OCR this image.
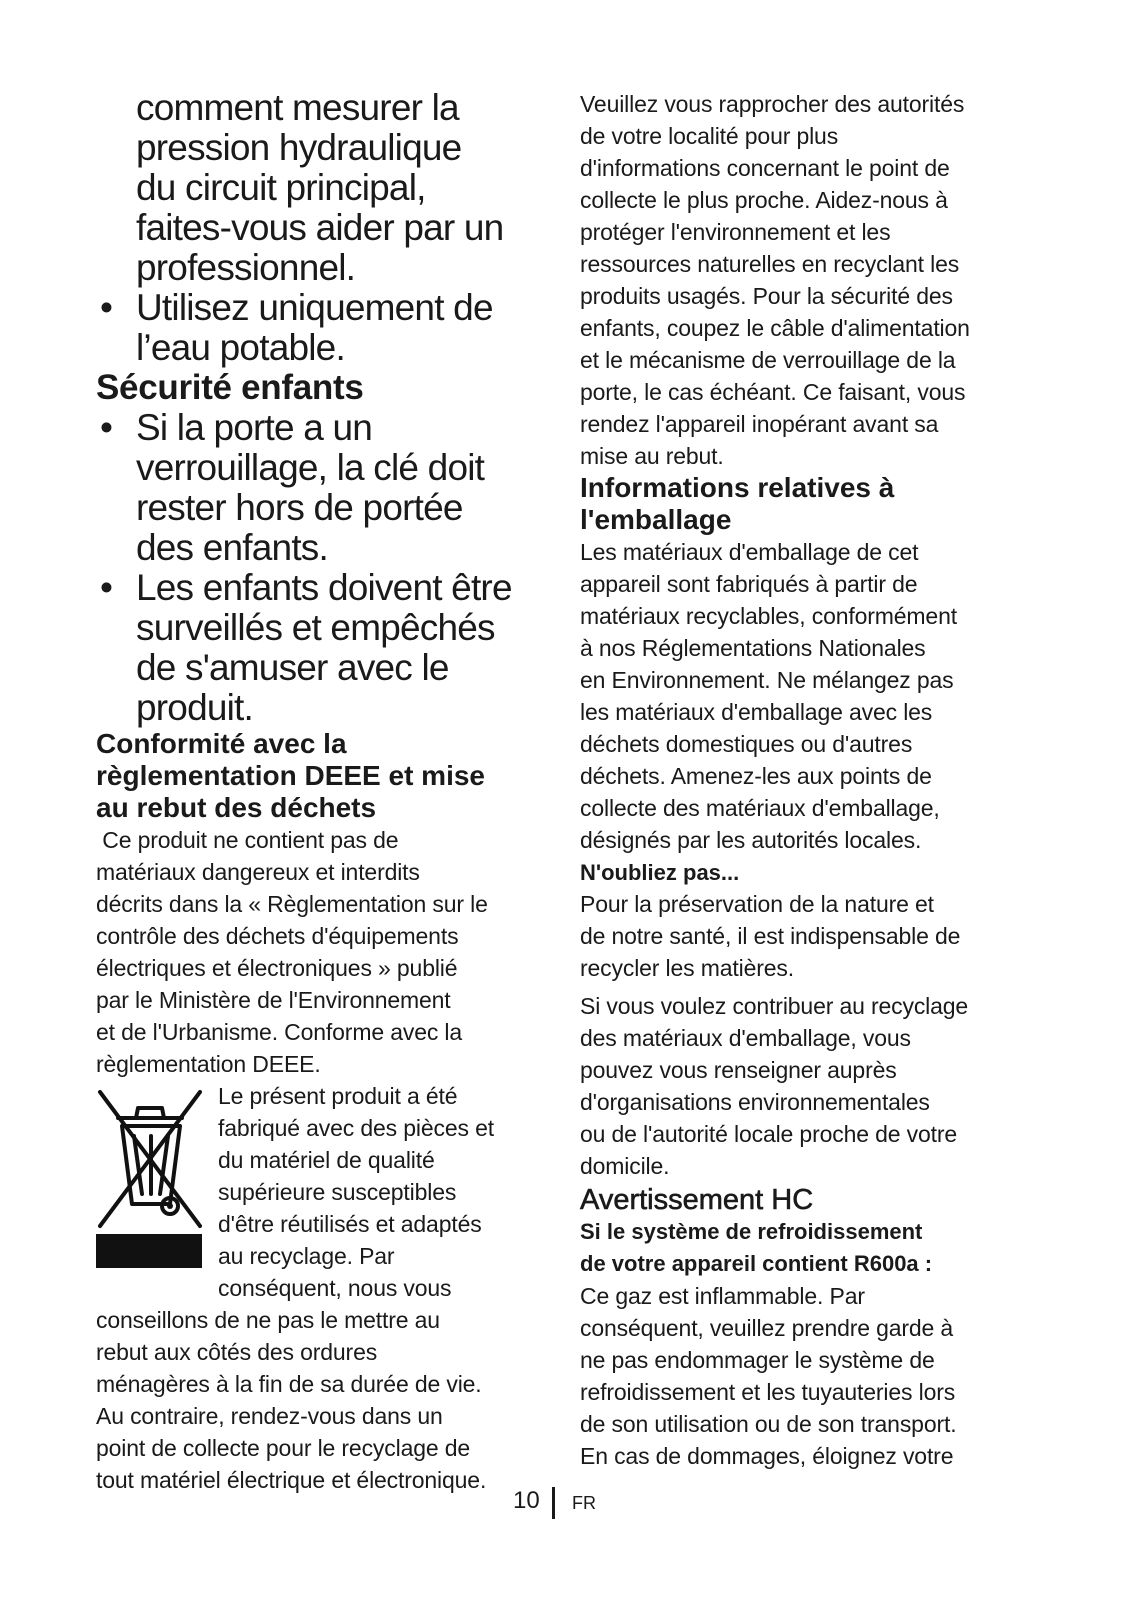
comment mesurer la
pression hydraulique
du circuit principal,
faites-vous aider par un
professionnel.
• Utilisez uniquement de
l’eau potable.
Sécurité enfants
• Si la porte a un
verrouillage, la clé doit
rester hors de portée
des enfants.
• Les enfants doivent être
surveillés et empêchés
de s'amuser avec le
produit.
Conformité avec la
règlementation DEEE et mise
au rebut des déchets
Ce produit ne contient pas de
matériaux dangereux et interdits
décrits dans la « Règlementation sur le
contrôle des déchets d'équipements
électriques et électroniques » publié
par le Ministère de l'Environnement
et de l'Urbanisme. Conforme avec la
règlementation DEEE.
Le présent produit a été
fabriqué avec des pièces et
du matériel de qualité
supérieure susceptibles
d'être réutilisés et adaptés
au recyclage. Par
conséquent, nous vous
conseillons de ne pas le mettre au
rebut aux côtés des ordures
ménagères à la fin de sa durée de vie.
Au contraire, rendez-vous dans un
point de collecte pour le recyclage de
tout matériel électrique et électronique.
Veuillez vous rapprocher des autorités
de votre localité pour plus
d'informations concernant le point de
collecte le plus proche. Aidez-nous à
protéger l'environnement et les
ressources naturelles en recyclant les
produits usagés. Pour la sécurité des
enfants, coupez le câble d'alimentation
et le mécanisme de verrouillage de la
porte, le cas échéant. Ce faisant, vous
rendez l'appareil inopérant avant sa
mise au rebut.
Informations relatives à
l'emballage
Les matériaux d'emballage de cet
appareil sont fabriqués à partir de
matériaux recyclables, conformément
à nos Réglementations Nationales
en Environnement. Ne mélangez pas
les matériaux d'emballage avec les
déchets domestiques ou d'autres
déchets. Amenez-les aux points de
collecte des matériaux d'emballage,
désignés par les autorités locales.
N'oubliez pas...
Pour la préservation de la nature et
de notre santé, il est indispensable de
recycler les matières.
Si vous voulez contribuer au recyclage
des matériaux d'emballage, vous
pouvez vous renseigner auprès
d'organisations environnementales
ou de l'autorité locale proche de votre
domicile.
Avertissement HC
Si le système de refroidissement
de votre appareil contient R600a :
Ce gaz est inflammable. Par
conséquent, veuillez prendre garde à
ne pas endommager le système de
refroidissement et les tuyauteries lors
de son utilisation ou de son transport.
En cas de dommages, éloignez votre
10 FR
